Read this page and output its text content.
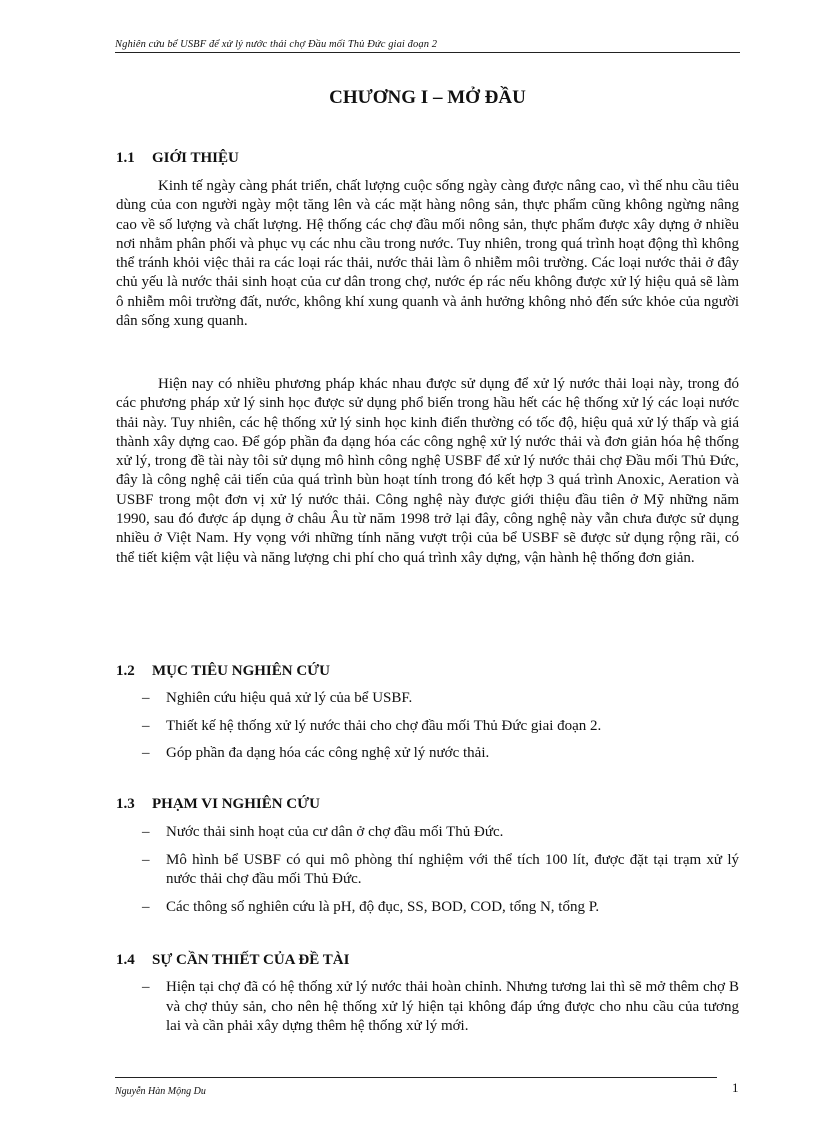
Nghiên cứu bể USBF để xử lý nước thải chợ Đầu mối Thủ Đức giai đoạn 2
CHƯƠNG I – MỞ ĐẦU
1.1 GIỚI THIỆU

Kinh tế ngày càng phát triển, chất lượng cuộc sống ngày càng được nâng cao, vì thế nhu cầu tiêu dùng của con người ngày một tăng lên và các mặt hàng nông sản, thực phẩm cũng không ngừng nâng cao về số lượng và chất lượng. Hệ thống các chợ đầu mối nông sản, thực phẩm được xây dựng ở nhiều nơi nhằm phân phối và phục vụ các nhu cầu trong nước. Tuy nhiên, trong quá trình hoạt động thì không thể tránh khỏi việc thải ra các loại rác thải, nước thải làm ô nhiễm môi trường. Các loại nước thải ở đây chủ yếu là nước thải sinh hoạt của cư dân trong chợ, nước ép rác nếu không được xử lý hiệu quả sẽ làm ô nhiễm môi trường đất, nước, không khí xung quanh và ảnh hưởng không nhỏ đến sức khỏe của người dân sống xung quanh.

Hiện nay có nhiều phương pháp khác nhau được sử dụng để xử lý nước thải loại này, trong đó các phương pháp xử lý sinh học được sử dụng phổ biến trong hầu hết các hệ thống xử lý các loại nước thải này. Tuy nhiên, các hệ thống xử lý sinh học kinh điển thường có tốc độ, hiệu quả xử lý thấp và giá thành xây dựng cao. Để góp phần đa dạng hóa các công nghệ xử lý nước thải và đơn giản hóa hệ thống xử lý, trong đề tài này tôi sử dụng mô hình công nghệ USBF để xử lý nước thải chợ Đầu mối Thủ Đức, đây là công nghệ cải tiến của quá trình bùn hoạt tính trong đó kết hợp 3 quá trình Anoxic, Aeration và USBF trong một đơn vị xử lý nước thải. Công nghệ này được giới thiệu đầu tiên ở Mỹ những năm 1990, sau đó được áp dụng ở châu Âu từ năm 1998 trở lại đây, công nghệ này vẫn chưa được sử dụng nhiều ở Việt Nam. Hy vọng với những tính năng vượt trội của bể USBF sẽ được sử dụng rộng rãi, có thể tiết kiệm vật liệu và năng lượng chi phí cho quá trình xây dựng, vận hành hệ thống đơn giản.

1.2 MỤC TIÊU NGHIÊN CỨU
– Nghiên cứu hiệu quả xử lý của bể USBF.
– Thiết kế hệ thống xử lý nước thải cho chợ đầu mối Thủ Đức giai đoạn 2.
– Góp phần đa dạng hóa các công nghệ xử lý nước thải.
1.3 PHẠM VI NGHIÊN CỨU
– Nước thải sinh hoạt của cư dân ở chợ đầu mối Thủ Đức.
– Mô hình bể USBF có qui mô phòng thí nghiệm với thể tích 100 lít, được đặt tại trạm xử lý nước thải chợ đầu mối Thủ Đức.
– Các thông số nghiên cứu là pH, độ đục, SS, BOD, COD, tổng N, tổng P.
1.4 SỰ CẦN THIẾT CỦA ĐỀ TÀI
– Hiện tại chợ đã có hệ thống xử lý nước thải hoàn chỉnh. Nhưng tương lai thì sẽ mở thêm chợ B và chợ thủy sản, cho nên hệ thống xử lý hiện tại không đáp ứng được cho nhu cầu của tương lai và cần phải xây dựng thêm hệ thống xử lý mới.
Nguyễn Hàn Mộng Du	1
